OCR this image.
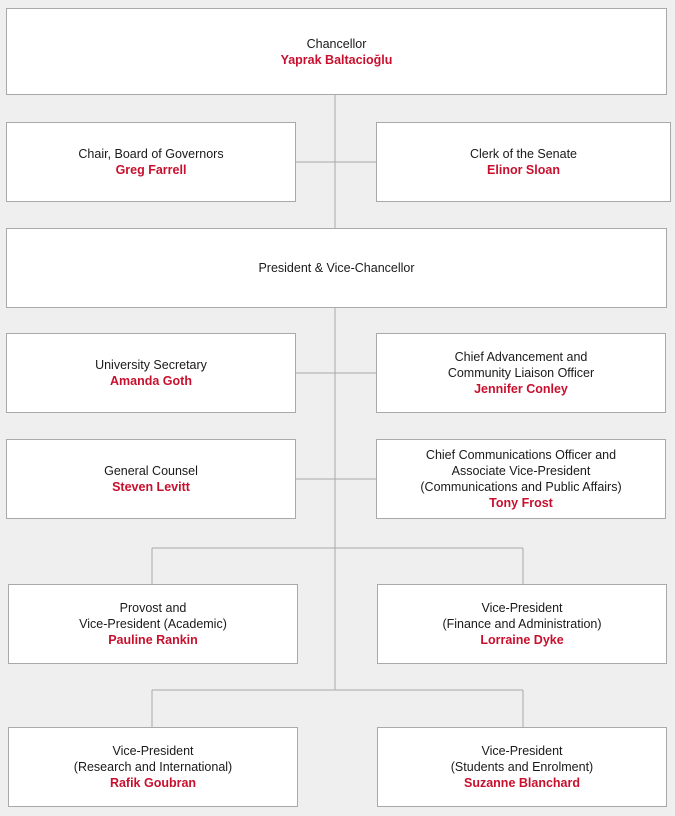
Chancellor
Yaprak Baltacioğlu
Chair, Board of Governors
Greg Farrell
Clerk of the Senate
Elinor Sloan
President & Vice-Chancellor
University Secretary
Amanda Goth
Chief Advancement and
Community Liaison Officer
Jennifer Conley
General Counsel
Steven Levitt
Chief Communications Officer and
Associate Vice-President
(Communications and Public Affairs)
Tony Frost
Provost and
Vice-President (Academic)
Pauline Rankin
Vice-President
(Finance and Administration)
Lorraine Dyke
Vice-President
(Research and International)
Rafik Goubran
Vice-President
(Students and Enrolment)
Suzanne Blanchard
